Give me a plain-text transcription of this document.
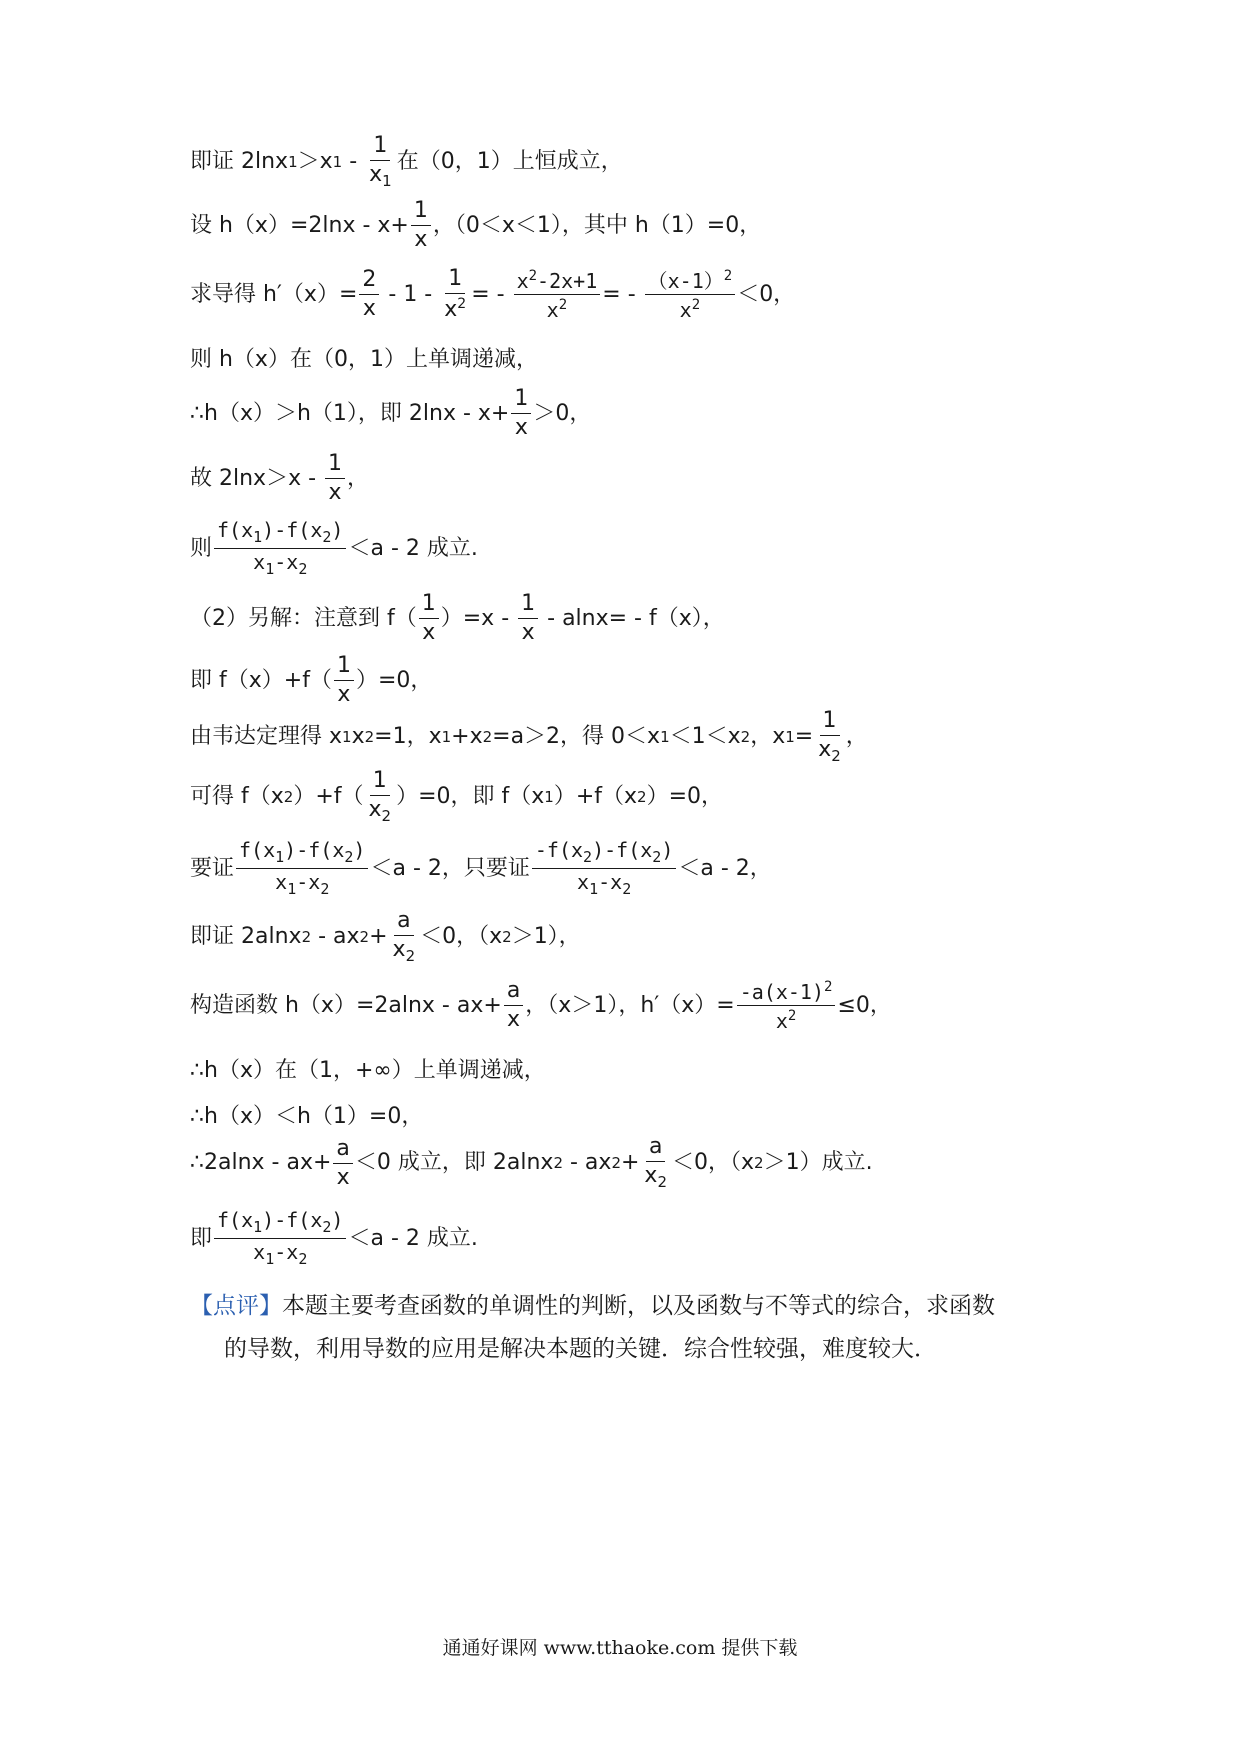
即证 2lnx 1 ＞x $1 - \frac{1}{x_1}$ 在（0，1）上恒成立，
设 $h(x)=2\ln x - x+ \frac{1}{x}$ ，（0＜x＜1），其中 h（1）=0，
求导得 $h'(x)= \frac{2}{x} - 1 - \frac{1}{x^2}$ = - $\frac{x^2-2x+1}{x^2}$ = - $\frac{(x-1)^2}{x^2} <0$，
则 h（x）在（0，1）上单调递减，
∴h（x）＞h（1），即 $2\ln x - x+ \frac{1}{x} >0$，
故 $2\ln x>x - \frac{1}{x}$ ，
则 $\frac{f(x_1)-f(x_2)}{x_1-x_2} <a - 2$ 成立.
（2）另解：注意到 $f( \frac{1}{x} )=x - \frac{1}{x} - alnx= - f(x)$，
即 $f(x)+f( \frac{1}{x} )=0$，
由韦达定理得 x 1 x 2 =1，x 1 +x 2 =a＞2，得 0＜x 1 ＜1＜x 2 ，x $1 = \frac{1}{x_2}$ ，
可得 f（x 2 ）$+f( \frac{1}{x_2} )=0$，即 f（x 1 ）+f（x 2 ）=0，
要证 $\frac{f(x_1)-f(x_2)}{x_1-x_2} <a - 2$，只要证 $\frac{-f(x_2)-f(x_2)}{x_1-x_2} <a - 2$，
即证 2alnx 2 - ax $2 + \frac{a}{x_2} <0$，（x 2 ＞1），
构造函数 $h(x)=2alnx - ax+ \frac{a}{x}$ ，（x＞1），$h'(x)= \frac{-a(x-1)^2}{x^2} \le 0$，
∴h（x）在（1，+∞）上单调递减，
∴h（x）＜h（1）=0，
∴2alnx - $ax+ \frac{a}{x} <0$ 成立，即 2alnx 2 - ax $2 + \frac{a}{x_2} <0$，（x 2 ＞1）成立.
即 $\frac{f(x_1)-f(x_2)}{x_1-x_2} <a - 2$ 成立.
【点评】本题主要考查函数的单调性的判断，以及函数与不等式的综合，求函数
的导数，利用导数的应用是解决本题的关键．综合性较强，难度较大．
通通好课网 www.tthaoke.com 提供下载
